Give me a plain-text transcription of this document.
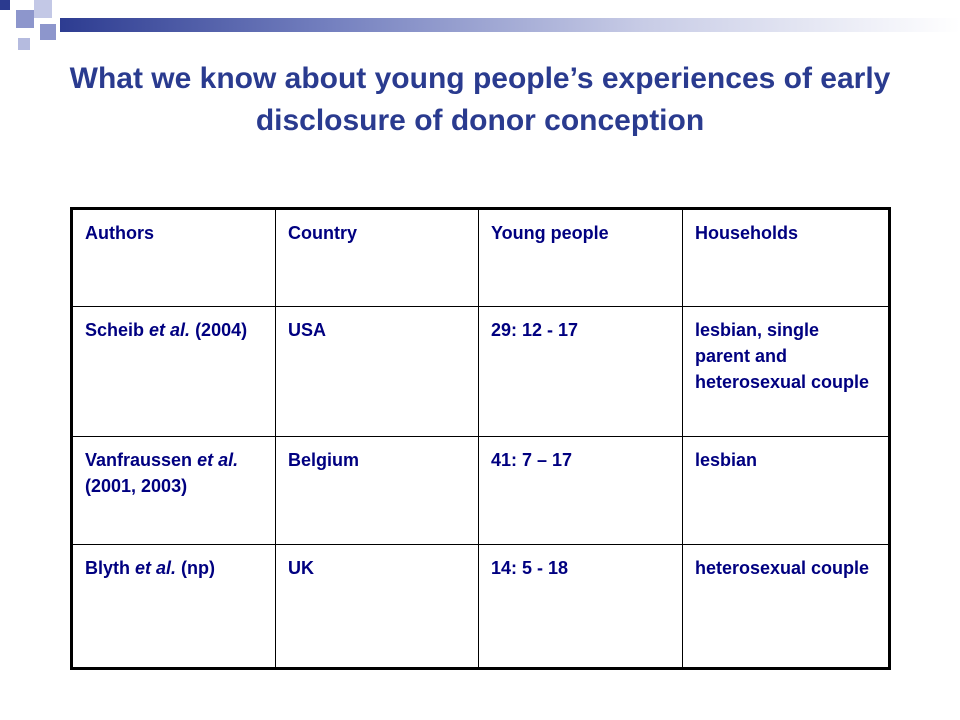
What we know about young people’s experiences of early disclosure of donor conception
Authors	Country	Young people	Households
Scheib et al. (2004)	USA	29: 12 - 17	lesbian, single parent and heterosexual couple
Vanfraussen et al. (2001, 2003)	Belgium	41: 7 – 17	lesbian
Blyth et al. (np)	UK	14: 5 - 18	heterosexual couple
